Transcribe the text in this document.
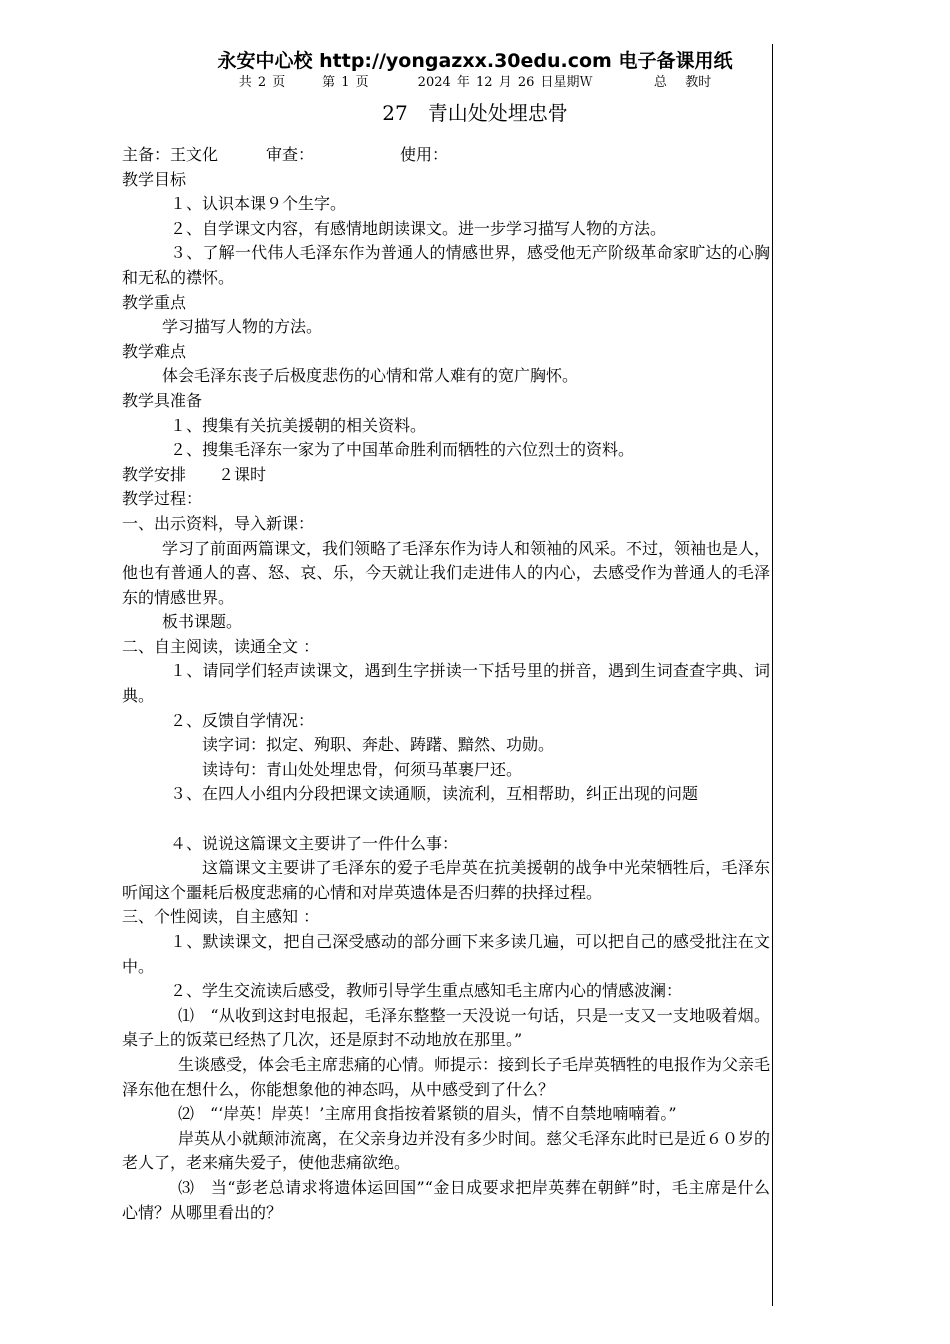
永安中心校 http://yongazxx.30edu.com 电子备课用纸
共 2 页      第 1 页        2024 年 12 月 26 日星期Ｗ          总   教时
27　青山处处埋忠骨

主备：王文化	审查：	使用：

教学目标

１、认识本课９个生字。

２、自学课文内容，有感情地朗读课文。进一步学习描写人物的方法。

３、了解一代伟人毛泽东作为普通人的情感世界，感受他无产阶级革命家旷达的心胸和无私的襟怀。

教学重点

学习描写人物的方法。

教学难点

体会毛泽东丧子后极度悲伤的心情和常人难有的宽广胸怀。

教学具准备

１、搜集有关抗美援朝的相关资料。

２、搜集毛泽东一家为了中国革命胜利而牺牲的六位烈士的资料。

教学安排　　２课时

教学过程：

一、出示资料，导入新课：

学习了前面两篇课文，我们领略了毛泽东作为诗人和领袖的风采。不过，领袖也是人，他也有普通人的喜、怒、哀、乐，今天就让我们走进伟人的内心，去感受作为普通人的毛泽东的情感世界。

板书课题。

二、自主阅读，读通全文 ：

１、请同学们轻声读课文，遇到生字拼读一下括号里的拼音，遇到生词查查字典、词典。

２、反馈自学情况：

读字词：拟定、殉职、奔赴、踌躇、黯然、功勋。

读诗句：青山处处埋忠骨，何须马革裹尸还。

３、在四人小组内分段把课文读通顺，读流利，互相帮助，纠正出现的问题

４、说说这篇课文主要讲了一件什么事：

这篇课文主要讲了毛泽东的爱子毛岸英在抗美援朝的战争中光荣牺牲后，毛泽东听闻这个噩耗后极度悲痛的心情和对岸英遗体是否归葬的抉择过程。

三、个性阅读，自主感知 ：

１、默读课文，把自己深受感动的部分画下来多读几遍，可以把自己的感受批注在文中。

２、学生交流读后感受，教师引导学生重点感知毛主席内心的情感波澜：

⑴　“从收到这封电报起，毛泽东整整一天没说一句话，只是一支又一支地吸着烟。桌子上的饭菜已经热了几次，还是原封不动地放在那里。”

生谈感受，体会毛主席悲痛的心情。师提示：接到长子毛岸英牺牲的电报作为父亲毛泽东他在想什么，你能想象他的神态吗，从中感受到了什么？

⑵　“‘岸英！岸英！’主席用食指按着紧锁的眉头，情不自禁地喃喃着。”

岸英从小就颠沛流离，在父亲身边并没有多少时间。慈父毛泽东此时已是近６０岁的老人了，老来痛失爱子，使他悲痛欲绝。

⑶　当“彭老总请求将遗体运回国”“金日成要求把岸英葬在朝鲜”时，毛主席是什么心情？从哪里看出的？
